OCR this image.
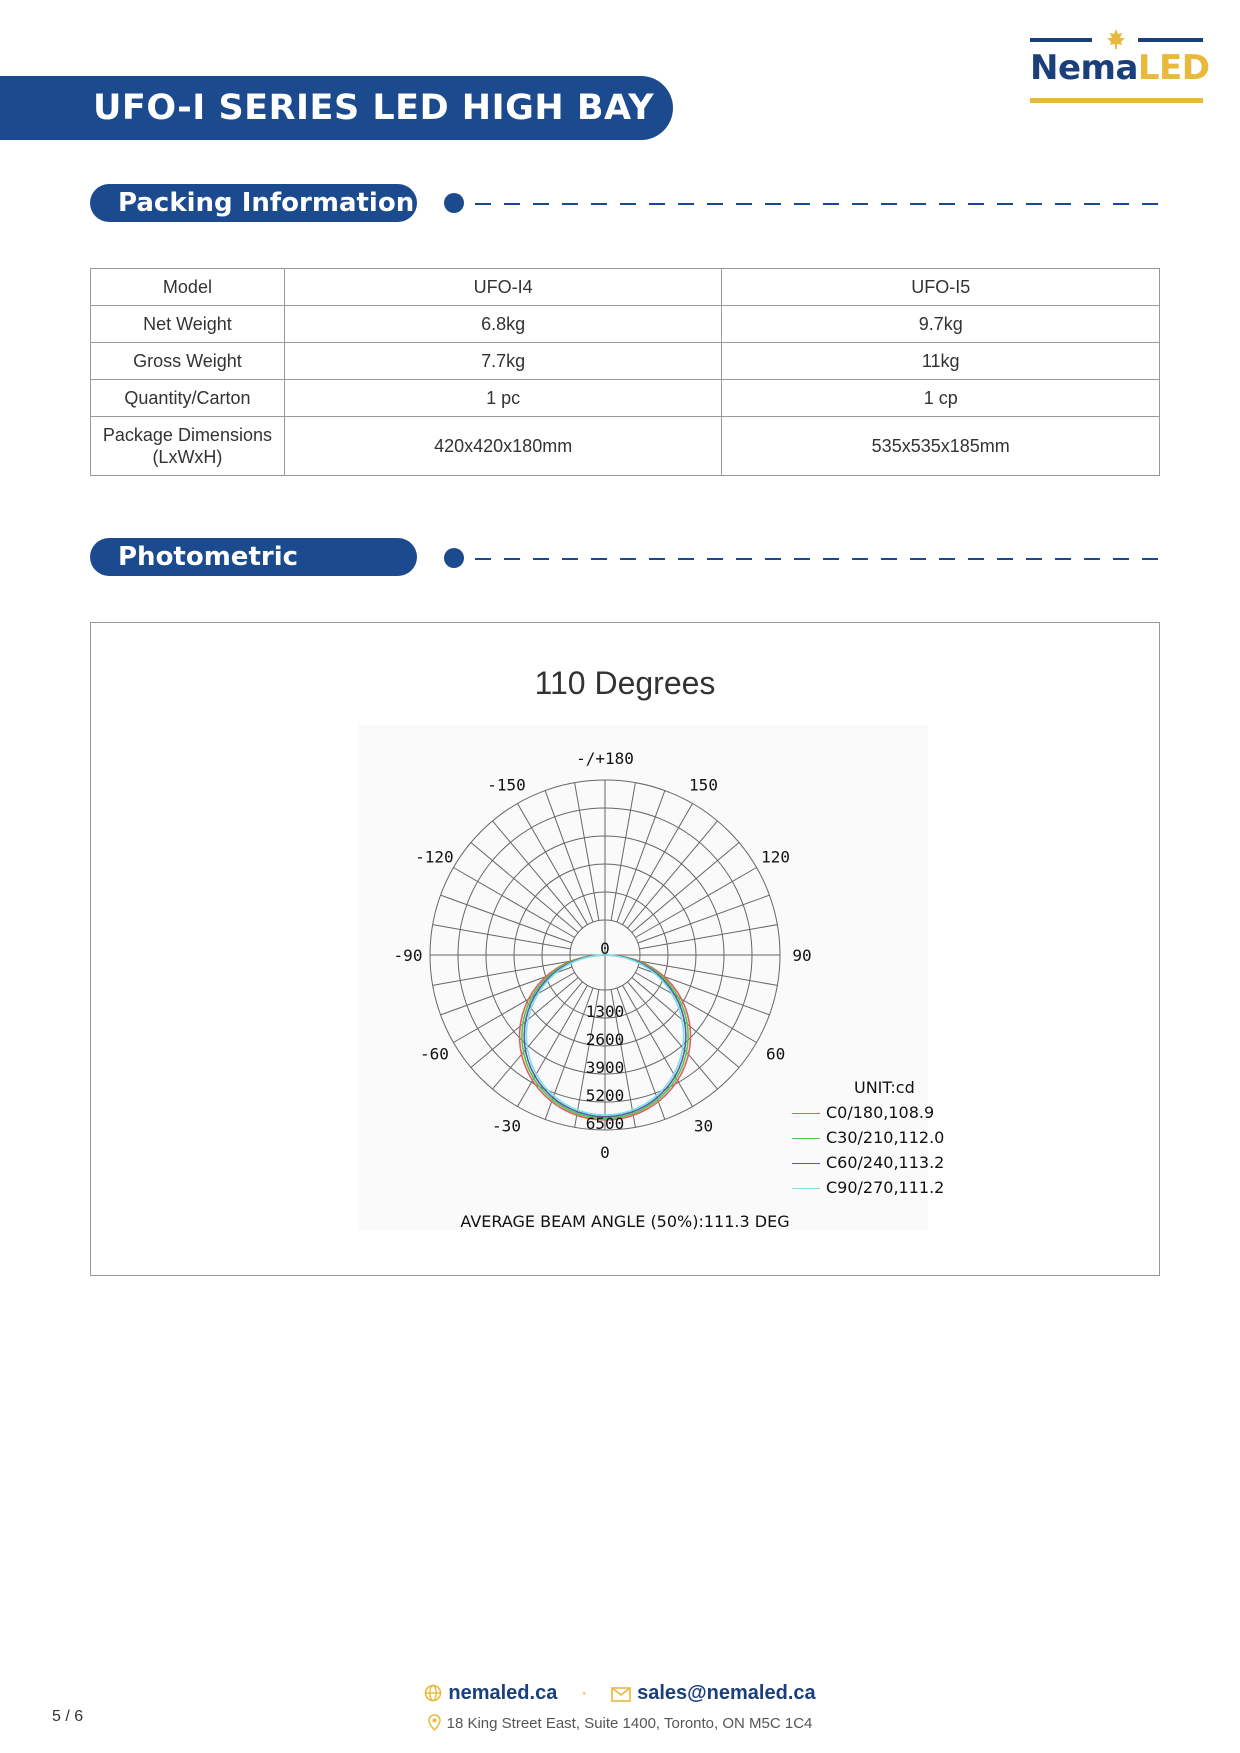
UFO-I SERIES LED HIGH BAY
NemaLED
Packing Information
Model	UFO-I4	UFO-I5
Net Weight	6.8kg	9.7kg
Gross Weight	7.7kg	11kg
Quantity/Carton	1 pc	1 cp
Package Dimensions
(LxWxH)	420x420x180mm	535x535x185mm
Photometric
110 Degrees
-/+180
-150	150
-120	120
-90	90
-60	60
-30	30
0
0
1300
2600
3900
5200
6500
UNIT:cd
C0/180,108.9
C30/210,112.0
C60/240,113.2
C90/270,111.2
AVERAGE BEAM ANGLE (50%):111.3 DEG
5 / 6
nemaled.ca · sales@nemaled.ca
18 King Street East, Suite 1400, Toronto, ON M5C 1C4
